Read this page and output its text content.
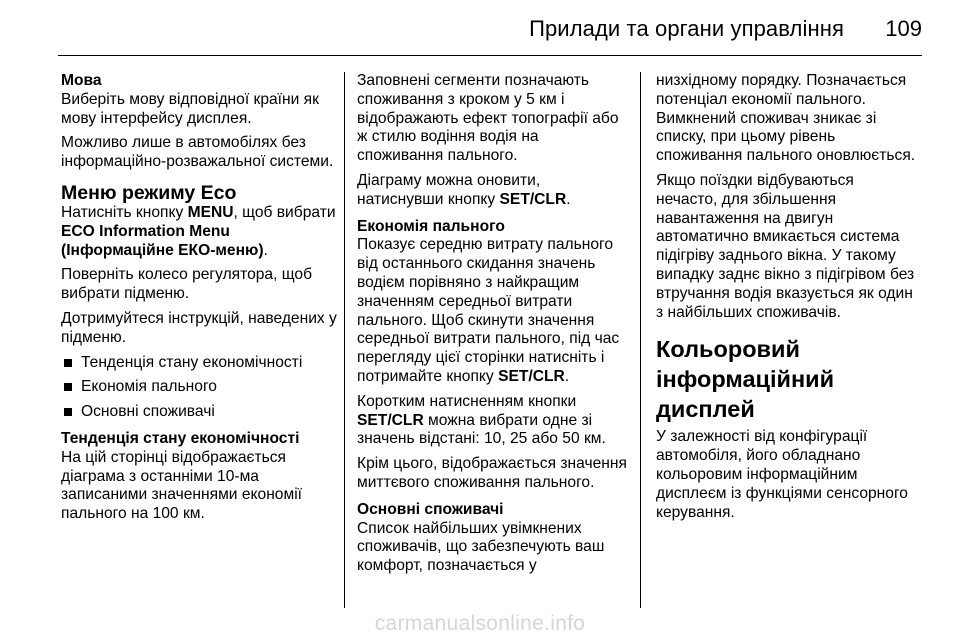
Прилади та органи управління 109
Мова

Виберіть мову відповідної країни як мову інтерфейсу дисплея.

Можливо лише в автомобілях без інформаційно-розважальної системи.

Меню режиму Eco

Натисніть кнопку MENU, щоб вибрати ECO Information Menu (Інформаційне ЕКО-меню).

Поверніть колесо регулятора, щоб вибрати підменю.

Дотримуйтеся інструкцій, наведених у підменю.

Тенденція стану економічності
Економія пального
Основні споживачі
Тенденція стану економічності

На цій сторінці відображається діаграма з останніми 10-ма записаними значеннями економії пального на 100 км.

Заповнені сегменти позначають споживання з кроком у 5 км і відображають ефект топографії або ж стилю водіння водія на споживання пального.

Діаграму можна оновити, натиснувши кнопку SET/CLR.

Економія пального

Показує середню витрату пального від останнього скидання значень водієм порівняно з найкращим значенням середньої витрати пального. Щоб скинути значення середньої витрати пального, під час перегляду цієї сторінки натисніть і потримайте кнопку SET/CLR.

Коротким натисненням кнопки SET/CLR можна вибрати одне зі значень відстані: 10, 25 або 50 км.

Крім цього, відображається значення миттєвого споживання пального.

Основні споживачі

Список найбільших увімкнених споживачів, що забезпечують ваш комфорт, позначається у

низхідному порядку. Позначається потенціал економії пального. Вимкнений споживач зникає зі списку, при цьому рівень споживання пального оновлюється.

Якщо поїздки відбуваються нечасто, для збільшення навантаження на двигун автоматично вмикається система підігріву заднього вікна. У такому випадку заднє вікно з підігрівом без втручання водія вказується як один з найбільших споживачів.

Кольоровий інформаційний дисплей

У залежності від конфігурації автомобіля, його обладнано кольоровим інформаційним дисплеєм із функціями сенсорного керування.

carmanualsonline.info
